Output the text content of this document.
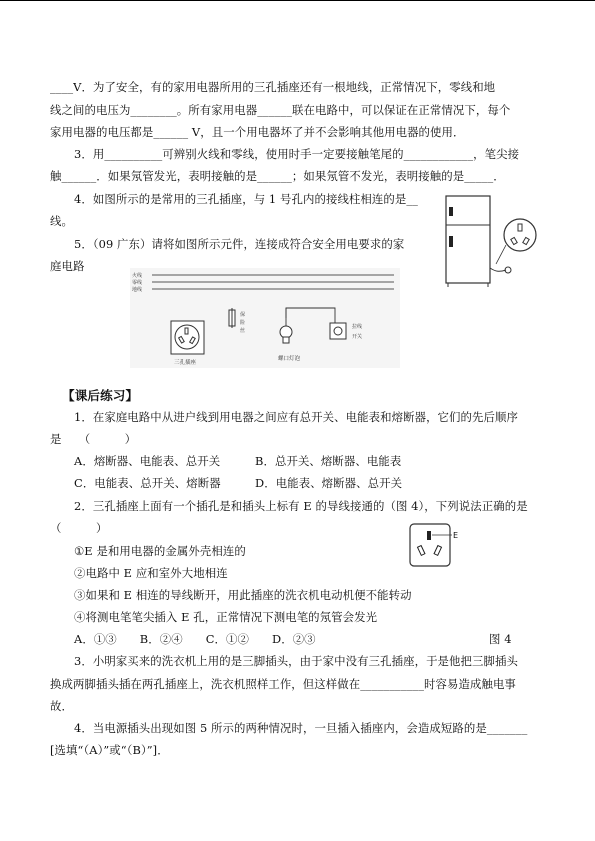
____V．为了安全，有的家用电器所用的三孔插座还有一根地线，正常情况下，零线和地
线之间的电压为________。所有家用电器______联在电路中，可以保证在正常情况下，每个
家用电器的电压都是______ V，且一个用电器坏了并不会影响其他用电器的使用．
3．用__________可辨别火线和零线，使用时手一定要接触笔尾的____________，笔尖接
触______．如果氖管发光，表明接触的是______；如果氖管不发光，表明接触的是_____．
4．如图所示的是常用的三孔插座，与 1 号孔内的接线柱相连的是__
线。
5．（09 广东）请将如图所示元件，连接成符合安全用电要求的家
庭电路
火线
零线
地线
三孔插座
保
险
丝
螺口灯泡
拉线
开关
【课后练习】
1．在家庭电路中从进户线到用电器之间应有总开关、电能表和熔断器，它们的先后顺序
是　　（　　　）
A．熔断器、电能表、总开关	B．总开关、熔断器、电能表
C．电能表、总开关、熔断器	D．电能表、熔断器、总开关
2．三孔插座上面有一个插孔是和插头上标有 E 的导线接通的（图 4），下列说法正确的是
（　　　）
①E 是和用电器的金属外壳相连的
②电路中 E 应和室外大地相连
③如果和 E 相连的导线断开，用此插座的洗衣机电动机便不能转动
④将测电笔笔尖插入 E 孔，正常情况下测电笔的氖管会发光
A．①③　　B．②④　　C．①②　　D．②③	图 4
E
3．小明家买来的洗衣机上用的是三脚插头，由于家中没有三孔插座，于是他把三脚插头
换成两脚插头插在两孔插座上，洗衣机照样工作，但这样做在___________时容易造成触电事
故．
4．当电源插头出现如图 5 所示的两种情况时，一旦插入插座内，会造成短路的是_______
[选填“（A）”或“（B）”]．
